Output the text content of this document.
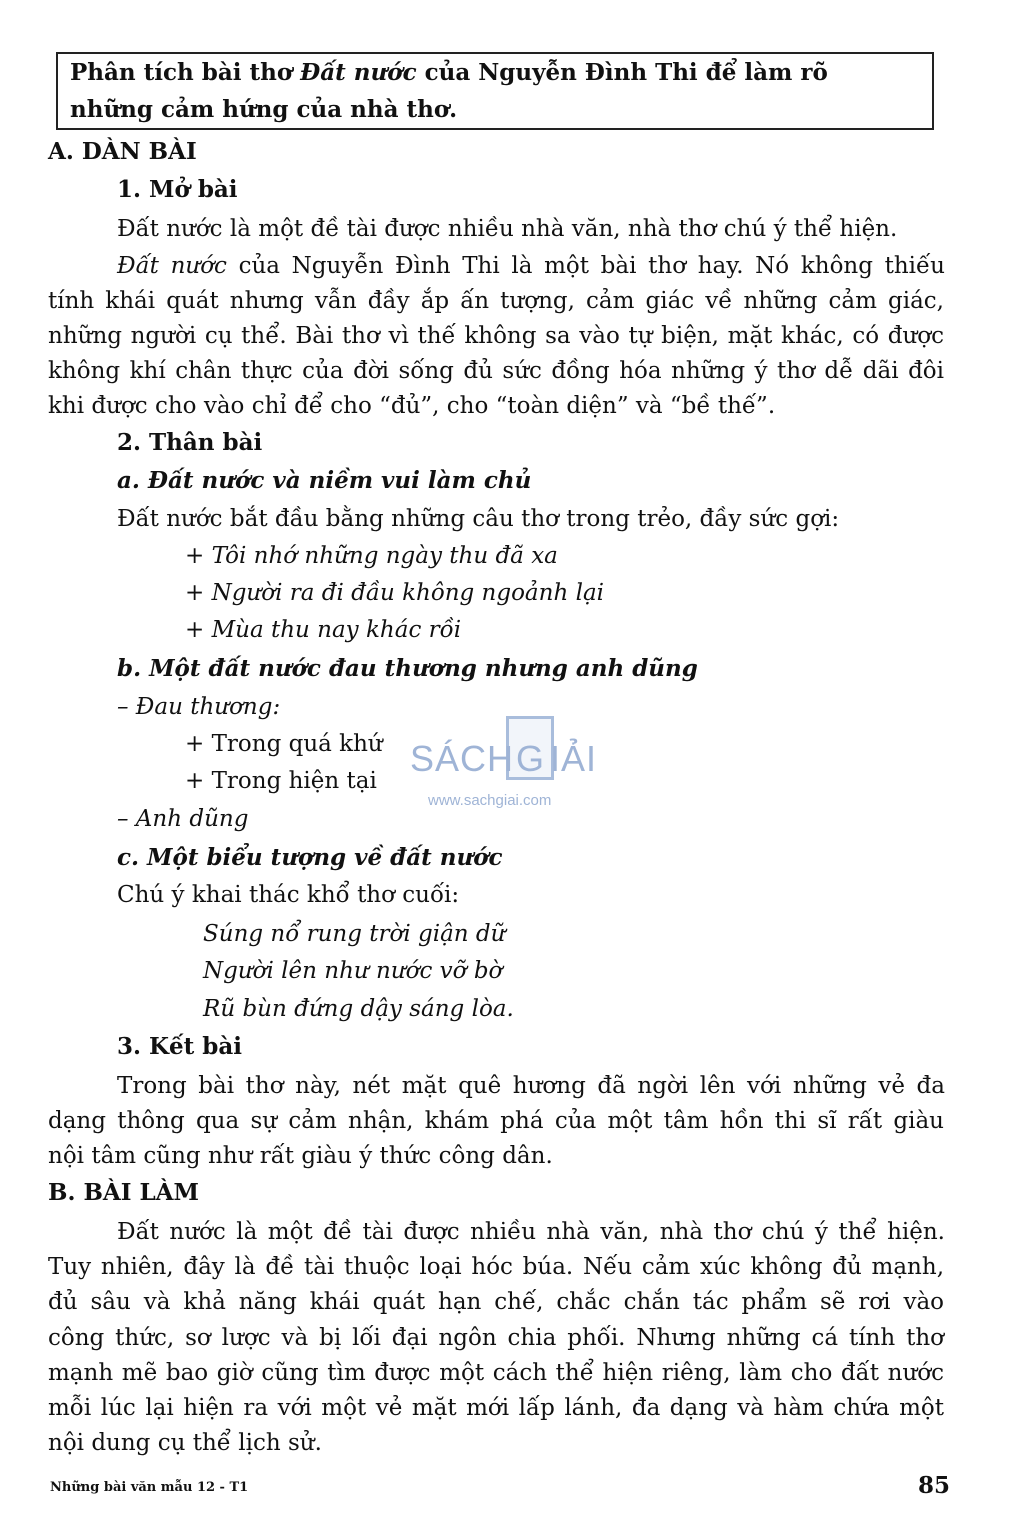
Phân tích bài thơ Đất nước của Nguyễn Đình Thi để làm rõ
những cảm hứng của nhà thơ.
A. DÀN BÀI
1. Mở bài
Đất nước là một đề tài được nhiều nhà văn, nhà thơ chú ý thể hiện.
Đất nước của Nguyễn Đình Thi là một bài thơ hay. Nó không thiếu
tính khái quát nhưng vẫn đầy ắp ấn tượng, cảm giác về những cảm giác,
những người cụ thể. Bài thơ vì thế không sa vào tự biện, mặt khác, có được
không khí chân thực của đời sống đủ sức đồng hóa những ý thơ dễ dãi đôi
khi được cho vào chỉ để cho “đủ”, cho “toàn diện” và “bề thế”.
2. Thân bài
a. Đất nước và niềm vui làm chủ
Đất nước bắt đầu bằng những câu thơ trong trẻo, đầy sức gợi:
+ Tôi nhớ những ngày thu đã xa
+ Người ra đi đầu không ngoảnh lại
+ Mùa thu nay khác rồi
b. Một đất nước đau thương nhưng anh dũng
– Đau thương:
+ Trong quá khứ
+ Trong hiện tại
– Anh dũng
c. Một biểu tượng về đất nước
Chú ý khai thác khổ thơ cuối:
Súng nổ rung trời giận dữ
Người lên như nước vỡ bờ
Rũ bùn đứng dậy sáng lòa.
3. Kết bài
Trong bài thơ này, nét mặt quê hương đã ngời lên với những vẻ đa
dạng thông qua sự cảm nhận, khám phá của một tâm hồn thi sĩ rất giàu
nội tâm cũng như rất giàu ý thức công dân.
B. BÀI LÀM
Đất nước là một đề tài được nhiều nhà văn, nhà thơ chú ý thể hiện.
Tuy nhiên, đây là đề tài thuộc loại hóc búa. Nếu cảm xúc không đủ mạnh,
đủ sâu và khả năng khái quát hạn chế, chắc chắn tác phẩm sẽ rơi vào
công thức, sơ lược và bị lối đại ngôn chia phối. Nhưng những cá tính thơ
mạnh mẽ bao giờ cũng tìm được một cách thể hiện riêng, làm cho đất nước
mỗi lúc lại hiện ra với một vẻ mặt mới lấp lánh, đa dạng và hàm chứa một
nội dung cụ thể lịch sử.
SÁCH G IẢI
www.sachgiai.com
Những bài văn mẫu 12 - T1	85
